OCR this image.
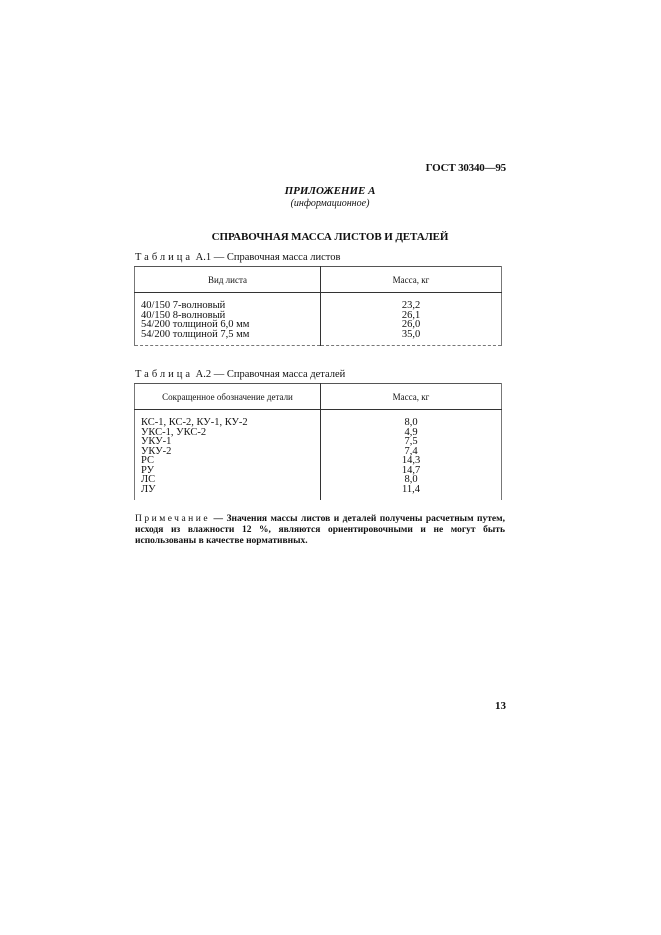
ГОСТ 30340—95
ПРИЛОЖЕНИЕ А
(информационное)
СПРАВОЧНАЯ МАССА ЛИСТОВ И ДЕТАЛЕЙ
Таблица А.1 — Справочная масса листов
Вид листа	Масса, кг

40/150 7-волновый	23,2
40/150 8-волновый	26,1
54/200 толщиной 6,0 мм	26,0
54/200 толщиной 7,5 мм	35,0

Таблица А.2 — Справочная масса деталей
Сокращенное обозначение детали	Масса, кг

КС-1, КС-2, КУ-1, КУ-2	8,0
УКС-1, УКС-2	4,9
УКУ-1	7,5
УКУ-2	7,4
РС	14,3
РУ	14,7
ЛС	8,0
ЛУ	11,4

Примечание — Значения массы листов и деталей получены расчетным путем, исходя из влажности 12 %, являются ориентировочными и не могут быть использованы в качестве нормативных.
13
